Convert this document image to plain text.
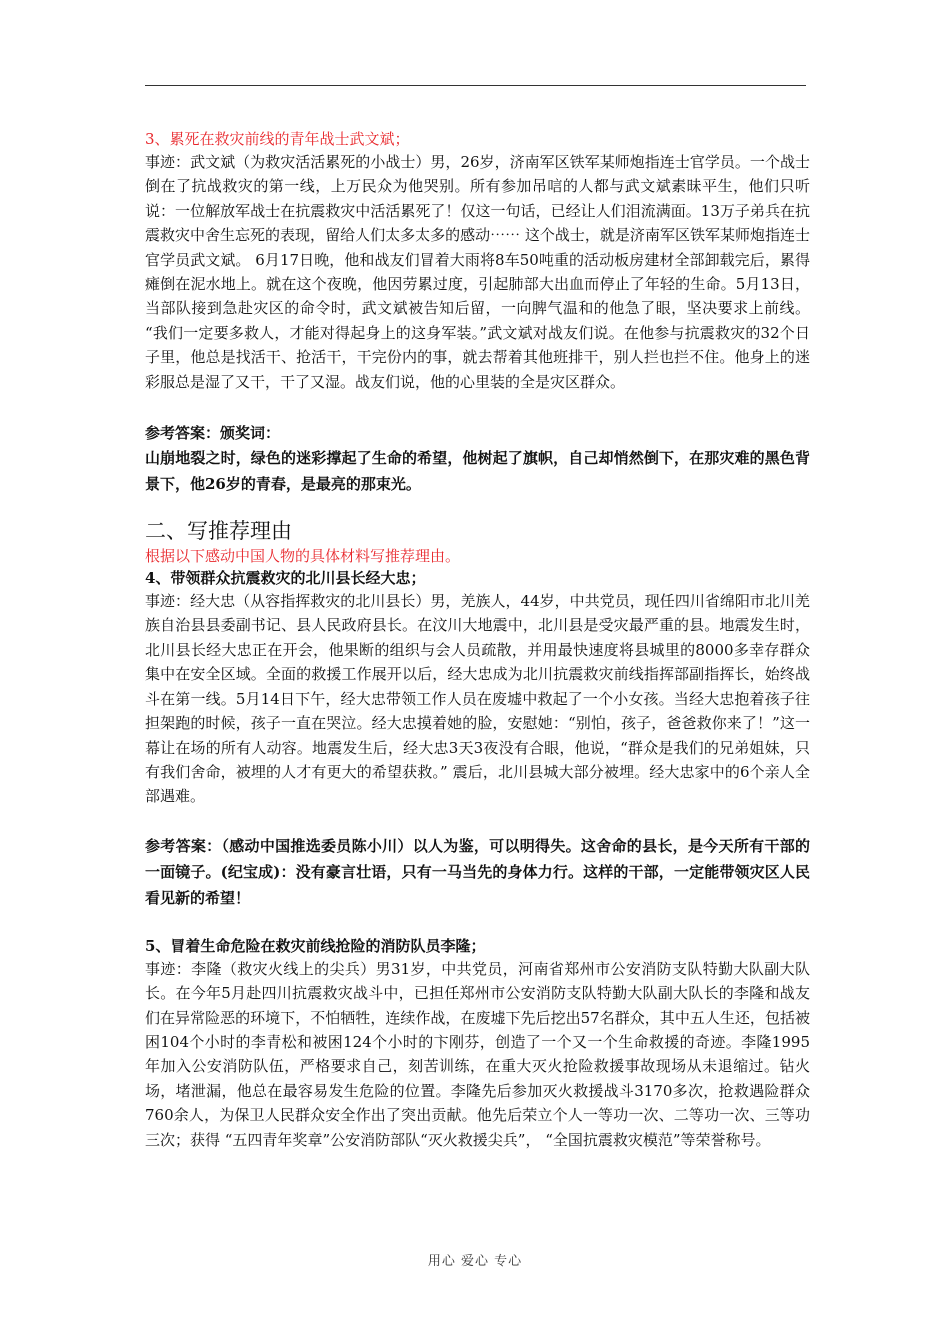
3、累死在救灾前线的青年战士武文斌；

事迹：武文斌（为救灾活活累死的小战士）男，26岁，济南军区铁军某师炮指连士官学员。一个战士倒在了抗战救灾的第一线，上万民众为他哭别。所有参加吊唁的人都与武文斌素昧平生，他们只听说：一位解放军战士在抗震救灾中活活累死了！仅这一句话，已经让人们泪流满面。13万子弟兵在抗震救灾中舍生忘死的表现，留给人们太多太多的感动⋯⋯ 这个战士，就是济南军区铁军某师炮指连士官学员武文斌。 6月17日晚，他和战友们冒着大雨将8车50吨重的活动板房建材全部卸载完后，累得瘫倒在泥水地上。就在这个夜晚，他因劳累过度，引起肺部大出血而停止了年轻的生命。5月13日，当部队接到急赴灾区的命令时，武文斌被告知后留，一向脾气温和的他急了眼，坚决要求上前线。 “我们一定要多救人，才能对得起身上的这身军装。”武文斌对战友们说。在他参与抗震救灾的32个日子里，他总是找活干、抢活干，干完份内的事，就去帮着其他班排干，别人拦也拦不住。他身上的迷彩服总是湿了又干，干了又湿。战友们说，他的心里装的全是灾区群众。

参考答案：颁奖词：

山崩地裂之时，绿色的迷彩撑起了生命的希望，他树起了旗帜，自己却悄然倒下，在那灾难的黑色背景下，他26岁的青春，是最亮的那束光。

二、写推荐理由

根据以下感动中国人物的具体材料写推荐理由。

4、带领群众抗震救灾的北川县长经大忠；

事迹：经大忠（从容指挥救灾的北川县长）男，羌族人，44岁，中共党员，现任四川省绵阳市北川羌族自治县县委副书记、县人民政府县长。在汶川大地震中，北川县是受灾最严重的县。地震发生时，北川县长经大忠正在开会，他果断的组织与会人员疏散，并用最快速度将县城里的8000多幸存群众集中在安全区域。全面的救援工作展开以后，经大忠成为北川抗震救灾前线指挥部副指挥长，始终战斗在第一线。5月14日下午，经大忠带领工作人员在废墟中救起了一个小女孩。当经大忠抱着孩子往担架跑的时候，孩子一直在哭泣。经大忠摸着她的脸，安慰她：“别怕，孩子，爸爸救你来了！”这一幕让在场的所有人动容。地震发生后，经大忠3天3夜没有合眼，他说，“群众是我们的兄弟姐妹，只有我们舍命，被埋的人才有更大的希望获救。” 震后，北川县城大部分被埋。经大忠家中的6个亲人全部遇难。

参考答案：（感动中国推选委员陈小川）以人为鉴，可以明得失。这舍命的县长，是今天所有干部的一面镜子。(纪宝成)：没有豪言壮语，只有一马当先的身体力行。这样的干部，一定能带领灾区人民看见新的希望！

5、冒着生命危险在救灾前线抢险的消防队员李隆；

事迹：李隆（救灾火线上的尖兵）男31岁，中共党员，河南省郑州市公安消防支队特勤大队副大队长。在今年5月赴四川抗震救灾战斗中，已担任郑州市公安消防支队特勤大队副大队长的李隆和战友们在异常险恶的环境下，不怕牺牲，连续作战，在废墟下先后挖出57名群众，其中五人生还，包括被困104个小时的李青松和被困124个小时的卞刚芬，创造了一个又一个生命救援的奇迹。李隆1995年加入公安消防队伍，严格要求自己，刻苦训练，在重大灭火抢险救援事故现场从未退缩过。钻火场，堵泄漏，他总在最容易发生危险的位置。李隆先后参加灭火救援战斗3170多次，抢救遇险群众760余人，为保卫人民群众安全作出了突出贡献。他先后荣立个人一等功一次、二等功一次、三等功三次；获得 “五四青年奖章”公安消防部队“灭火救援尖兵”， “全国抗震救灾模范”等荣誉称号。

用心 爱心 专心
